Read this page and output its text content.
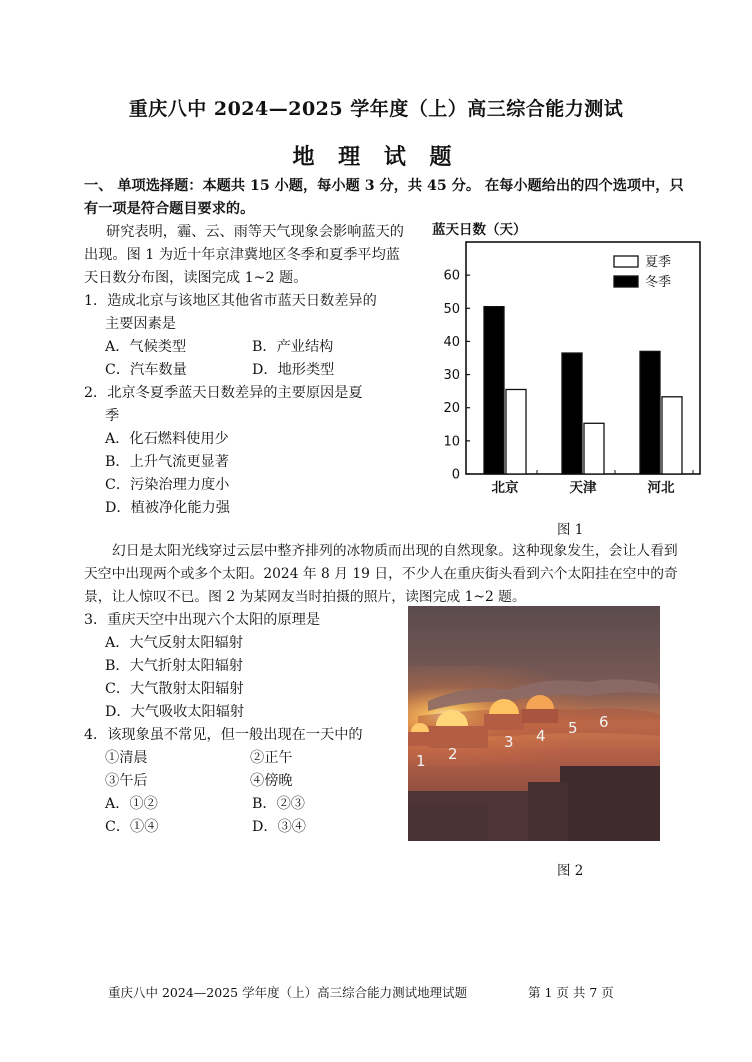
重庆八中 2024—2025 学年度（上）高三综合能力测试
地 理 试 题
一、 单项选择题：本题共 15 小题，每小题 3 分，共 45 分。 在每小题给出的四个选项中，只有一项是符合题目要求的。
研究表明，霾、云、雨等天气现象会影响蓝天的出现。图 1 为近十年京津冀地区冬季和夏季平均蓝天日数分布图，读图完成 1~2 题。
1．造成北京与该地区其他省市蓝天日数差异的
主要因素是
A．气候类型	B．产业结构
C．汽车数量	D．地形类型
2．北京冬夏季蓝天日数差异的主要原因是夏
季
A．化石燃料使用少
B．上升气流更显著
C．污染治理力度小
D．植被净化能力强
蓝天日数（天）
0
10
20
30
40
50
60
北京	天津	河北
夏季
冬季
图 1
幻日是太阳光线穿过云层中整齐排列的冰物质而出现的自然现象。这种现象发生，会让人看到天空中出现两个或多个太阳。2024 年 8 月 19 日，不少人在重庆街头看到六个太阳挂在空中的奇景，让人惊叹不已。图 2 为某网友当时拍摄的照片，读图完成 1~2 题。
3．重庆天空中出现六个太阳的原理是
A．大气反射太阳辐射
B．大气折射太阳辐射
C．大气散射太阳辐射
D．大气吸收太阳辐射
4．该现象虽不常见，但一般出现在一天中的
①清晨	②正午
③午后	④傍晚
A．①②	B．②③
C．①④	D．③④
1 2
3 4 5 6
图 2
重庆八中 2024—2025 学年度（上）高三综合能力测试地理试题	第 1 页 共 7 页
